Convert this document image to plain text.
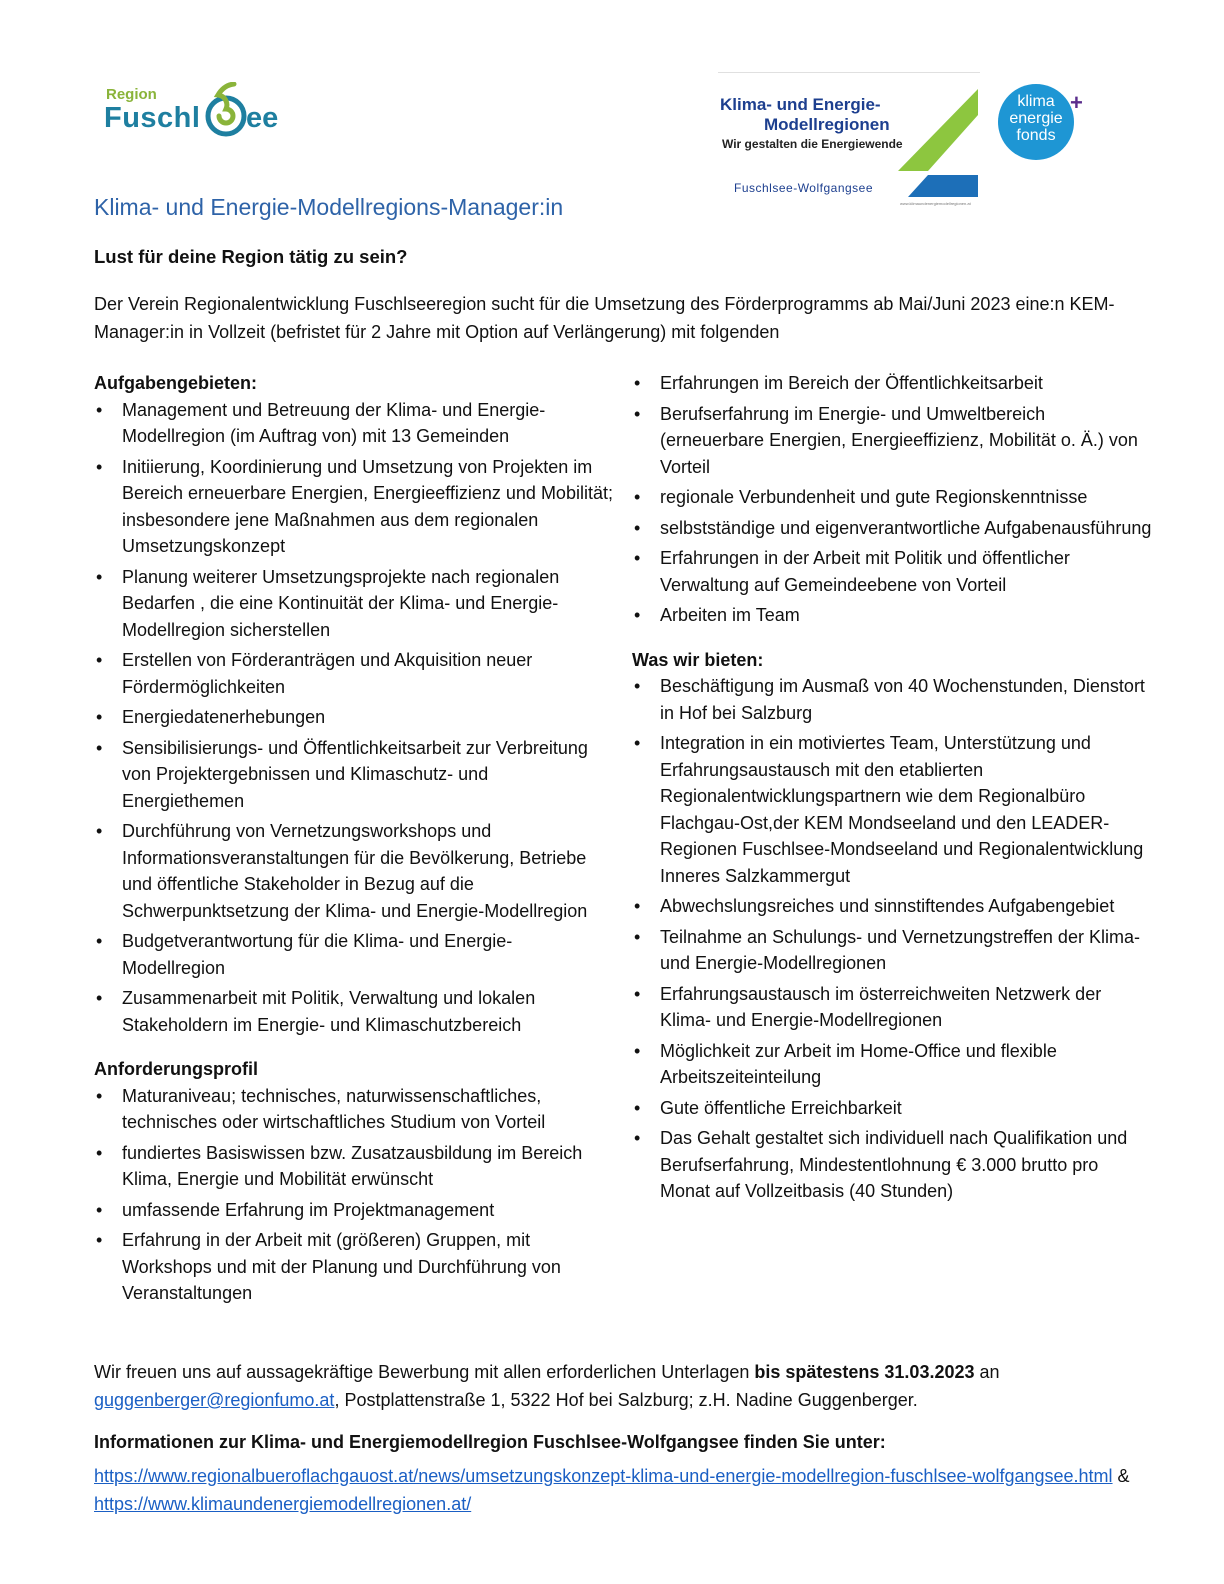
Region
Fuschl ee	Klima- und Energie-
Modellregionen
Wir gestalten die Energiewende
Fuschlsee-Wolfgangsee
www.klimaundenergiemodellregionen.at
klima
energie
fonds
+
Klima- und Energie-Modellregions-Manager:in
Lust für deine Region tätig zu sein?
Der Verein Regionalentwicklung Fuschlseeregion sucht für die Umsetzung des Förderprogramms ab Mai/Juni 2023 eine:n KEM-Manager:in in Vollzeit (befristet für 2 Jahre mit Option auf Verlängerung) mit folgenden

Aufgabengebieten:

• Management und Betreuung der Klima- und Energie-Modellregion (im Auftrag von) mit 13 Gemeinden
• Initiierung, Koordinierung und Umsetzung von Projekten im Bereich erneuerbare Energien, Energieeffizienz und Mobilität; insbesondere jene Maßnahmen aus dem regionalen Umsetzungskonzept
• Planung weiterer Umsetzungsprojekte nach regionalen Bedarfen , die eine Kontinuität der Klima- und Energie-Modellregion sicherstellen
• Erstellen von Förderanträgen und Akquisition neuer Fördermöglichkeiten
• Energiedatenerhebungen
• Sensibilisierungs- und Öffentlichkeitsarbeit zur Verbreitung von Projektergebnissen und Klimaschutz- und Energiethemen
• Durchführung von Vernetzungsworkshops und Informationsveranstaltungen für die Bevölkerung, Betriebe und öffentliche Stakeholder in Bezug auf die Schwerpunktsetzung der Klima- und Energie-Modellregion
• Budgetverantwortung für die Klima- und Energie-Modellregion
• Zusammenarbeit mit Politik, Verwaltung und lokalen Stakeholdern im Energie- und Klimaschutzbereich

Anforderungsprofil

• Maturaniveau; technisches, naturwissenschaftliches, technisches oder wirtschaftliches Studium von Vorteil
• fundiertes Basiswissen bzw. Zusatzausbildung im Bereich Klima, Energie und Mobilität erwünscht
• umfassende Erfahrung im Projektmanagement
• Erfahrung in der Arbeit mit (größeren) Gruppen, mit Workshops und mit der Planung und Durchführung von Veranstaltungen
• Erfahrungen im Bereich der Öffentlichkeitsarbeit
• Berufserfahrung im Energie- und Umweltbereich (erneuerbare Energien, Energieeffizienz, Mobilität o. Ä.) von Vorteil
• regionale Verbundenheit und gute Regionskenntnisse
• selbstständige und eigenverantwortliche Aufgabenausführung
• Erfahrungen in der Arbeit mit Politik und öffentlicher Verwaltung auf Gemeindeebene von Vorteil
• Arbeiten im Team

Was wir bieten:

• Beschäftigung im Ausmaß von 40 Wochenstunden, Dienstort in Hof bei Salzburg
• Integration in ein motiviertes Team, Unterstützung und Erfahrungsaustausch mit den etablierten Regionalentwicklungspartnern wie dem Regionalbüro Flachgau-Ost,der KEM Mondseeland und den LEADER-Regionen Fuschlsee-Mondseeland und Regionalentwicklung Inneres Salzkammergut
• Abwechslungsreiches und sinnstiftendes Aufgabengebiet
• Teilnahme an Schulungs- und Vernetzungstreffen der Klima- und Energie-Modellregionen
• Erfahrungsaustausch im österreichweiten Netzwerk der Klima- und Energie-Modellregionen
• Möglichkeit zur Arbeit im Home-Office und flexible Arbeitszeiteinteilung
• Gute öffentliche Erreichbarkeit
• Das Gehalt gestaltet sich individuell nach Qualifikation und Berufserfahrung, Mindestentlohnung € 3.000 brutto pro Monat auf Vollzeitbasis (40 Stunden)
Wir freuen uns auf aussagekräftige Bewerbung mit allen erforderlichen Unterlagen bis spätestens 31.03.2023 an
guggenberger@regionfumo.at, Postplattenstraße 1, 5322 Hof bei Salzburg; z.H. Nadine Guggenberger.
Informationen zur Klima- und Energiemodellregion Fuschlsee-Wolfgangsee finden Sie unter:
https://www.regionalbueroflachgauost.at/news/umsetzungskonzept-klima-und-energie-modellregion-fuschlsee-wolfgangsee.html & https://www.klimaundenergiemodellregionen.at/
